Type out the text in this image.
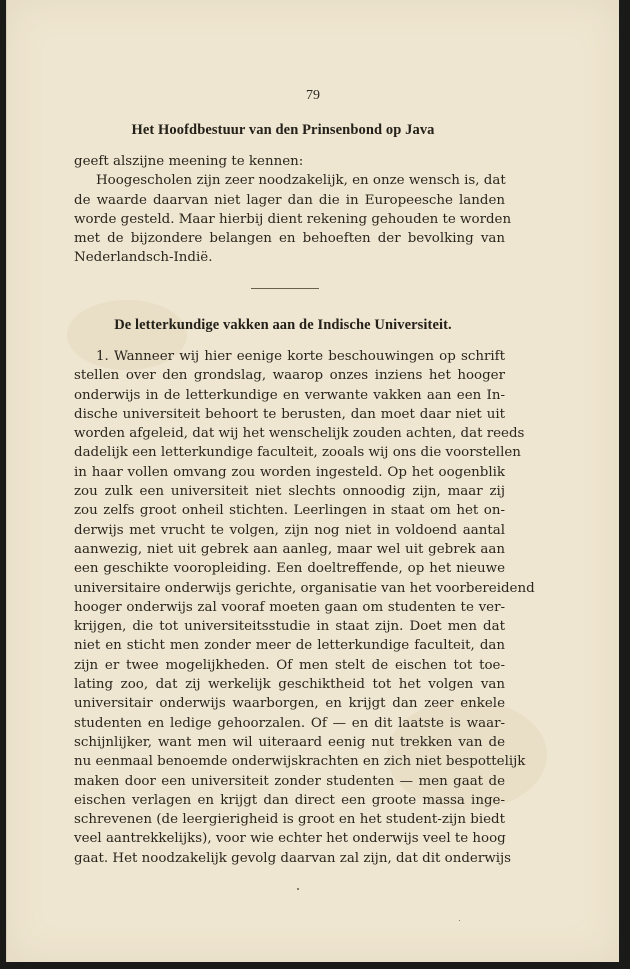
79
Het Hoofdbestuur van den Prinsenbond op Java
geeft alszijne meening te kennen:
Hoogescholen zijn zeer noodzakelijk, en onze wensch is, dat
de waarde daarvan niet lager dan die in Europeesche landen
worde gesteld. Maar hierbij dient rekening gehouden te worden
met de bijzondere belangen en behoeften der bevolking van
Nederlandsch-Indië.
De letterkundige vakken aan de Indische Universiteit.
1. Wanneer wij hier eenige korte beschouwingen op schrift
stellen over den grondslag, waarop onzes inziens het hooger
onderwijs in de letterkundige en verwante vakken aan een In-
dische universiteit behoort te berusten, dan moet daar niet uit
worden afgeleid, dat wij het wenschelijk zouden achten, dat reeds
dadelijk een letterkundige faculteit, zooals wij ons die voorstellen
in haar vollen omvang zou worden ingesteld. Op het oogenblik
zou zulk een universiteit niet slechts onnoodig zijn, maar zij
zou zelfs groot onheil stichten. Leerlingen in staat om het on-
derwijs met vrucht te volgen, zijn nog niet in voldoend aantal
aanwezig, niet uit gebrek aan aanleg, maar wel uit gebrek aan
een geschikte vooropleiding. Een doeltreffende, op het nieuwe
universitaire onderwijs gerichte, organisatie van het voorbereidend
hooger onderwijs zal vooraf moeten gaan om studenten te ver-
krijgen, die tot universiteitsstudie in staat zijn. Doet men dat
niet en sticht men zonder meer de letterkundige faculteit, dan
zijn er twee mogelijkheden. Of men stelt de eischen tot toe-
lating zoo, dat zij werkelijk geschiktheid tot het volgen van
universitair onderwijs waarborgen, en krijgt dan zeer enkele
studenten en ledige gehoorzalen. Of — en dit laatste is waar-
schijnlijker, want men wil uiteraard eenig nut trekken van de
nu eenmaal benoemde onderwijskrachten en zich niet bespottelijk
maken door een universiteit zonder studenten — men gaat de
eischen verlagen en krijgt dan direct een groote massa inge-
schrevenen (de leergierigheid is groot en het student-zijn biedt
veel aantrekkelijks), voor wie echter het onderwijs veel te hoog
gaat. Het noodzakelijk gevolg daarvan zal zijn, dat dit onderwijs
